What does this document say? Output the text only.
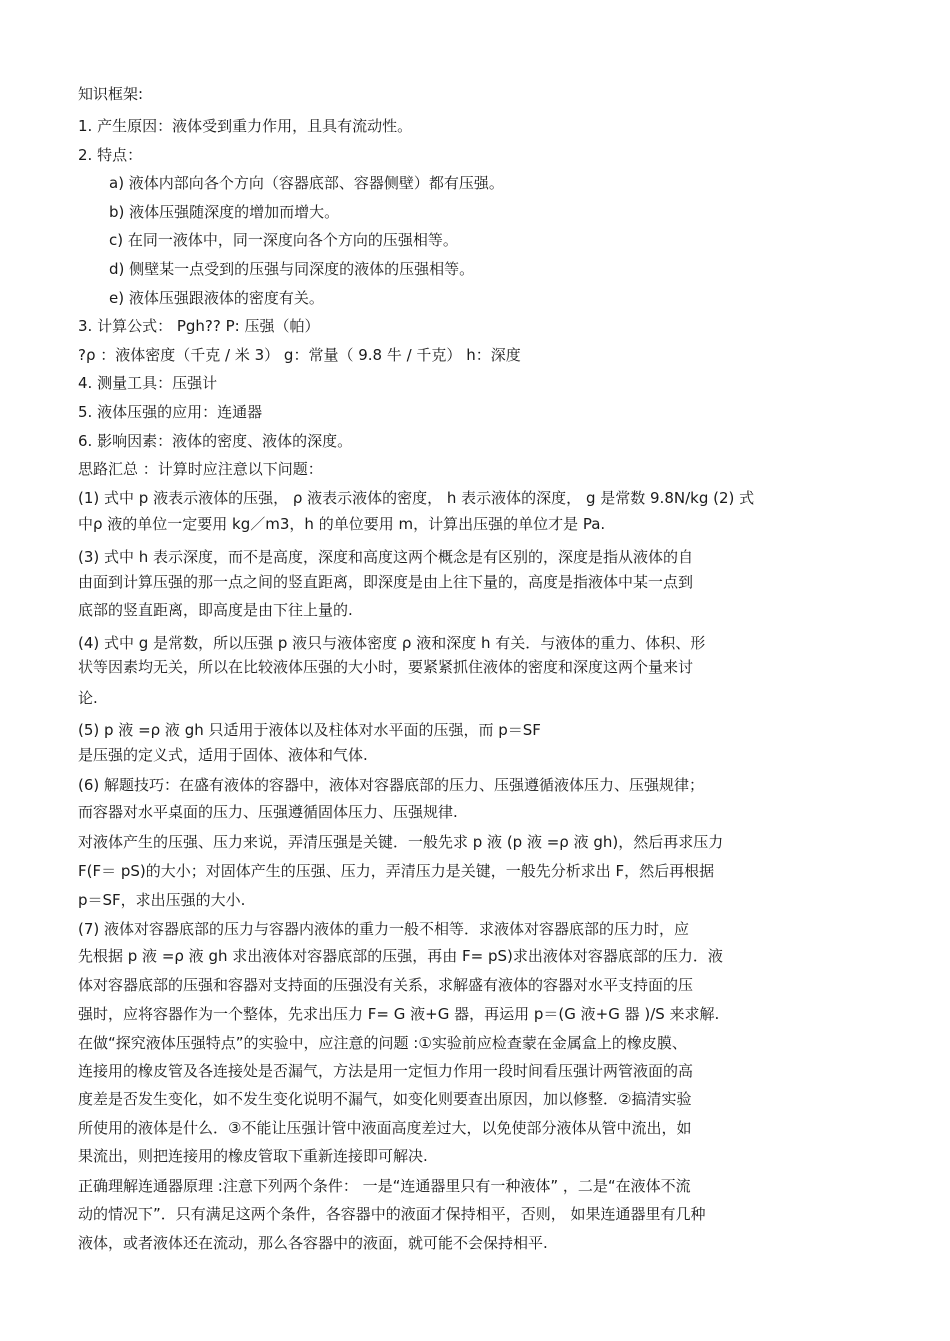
知识框架:
1. 产生原因：液体受到重力作用，且具有流动性。
2. 特点：
a) 液体内部向各个方向（容器底部、容器侧壁）都有压强。
b) 液体压强随深度的增加而增大。
c) 在同一液体中，同一深度向各个方向的压强相等。
d) 侧壁某一点受到的压强与同深度的液体的压强相等。
e) 液体压强跟液体的密度有关。
3. 计算公式： Pgh?? P: 压强（帕）
?ρ ：液体密度（千克 / 米 3） g：常量（ 9.8 牛 / 千克） h：深度
4. 测量工具：压强计
5. 液体压强的应用：连通器
6. 影响因素：液体的密度、液体的深度。
思路汇总 ：计算时应注意以下问题：
(1) 式中 p 液表示液体的压强， ρ 液表示液体的密度， h 表示液体的深度， g 是常数 9.8N/kg (2) 式
中ρ 液的单位一定要用 kg／m3，h 的单位要用 m，计算出压强的单位才是 Pa.
(3) 式中 h 表示深度，而不是高度，深度和高度这两个概念是有区别的，深度是指从液体的自
由面到计算压强的那一点之间的竖直距离，即深度是由上往下量的，高度是指液体中某一点到
底部的竖直距离，即高度是由下往上量的.
(4) 式中 g 是常数，所以压强 p 液只与液体密度 ρ 液和深度 h 有关．与液体的重力、体积、形
状等因素均无关，所以在比较液体压强的大小时，要紧紧抓住液体的密度和深度这两个量来讨
论.
(5) p 液 =ρ 液 gh 只适用于液体以及柱体对水平面的压强，而 p＝SF
是压强的定义式，适用于固体、液体和气体.
(6) 解题技巧：在盛有液体的容器中，液体对容器底部的压力、压强遵循液体压力、压强规律；
而容器对水平桌面的压力、压强遵循固体压力、压强规律.
对液体产生的压强、压力来说，弄清压强是关键．一般先求 p 液 (p 液 =ρ 液 gh)，然后再求压力
F(F＝ pS)的大小；对固体产生的压强、压力，弄清压力是关键，一般先分析求出 F，然后再根据
p＝SF，求出压强的大小.
(7) 液体对容器底部的压力与容器内液体的重力一般不相等．求液体对容器底部的压力时，应
先根据 p 液 =ρ 液 gh 求出液体对容器底部的压强，再由 F= pS)求出液体对容器底部的压力．液
体对容器底部的压强和容器对支持面的压强没有关系，求解盛有液体的容器对水平支持面的压
强时，应将容器作为一个整体，先求出压力 F= G 液+G 器，再运用 p＝(G 液+G 器 )/S 来求解.
在做“探究液体压强特点”的实验中，应注意的问题 :①实验前应检查蒙在金属盒上的橡皮膜、
连接用的橡皮管及各连接处是否漏气，方法是用一定恒力作用一段时间看压强计两管液面的高
度差是否发生变化，如不发生变化说明不漏气，如变化则要查出原因，加以修整．②搞清实验
所使用的液体是什么．③不能让压强计管中液面高度差过大，以免使部分液体从管中流出，如
果流出，则把连接用的橡皮管取下重新连接即可解决.
正确理解连通器原理 :注意下列两个条件： 一是“连通器里只有一种液体” ，二是“在液体不流
动的情况下”．只有满足这两个条件，各容器中的液面才保持相平，否则， 如果连通器里有几种
液体，或者液体还在流动，那么各容器中的液面，就可能不会保持相平.
